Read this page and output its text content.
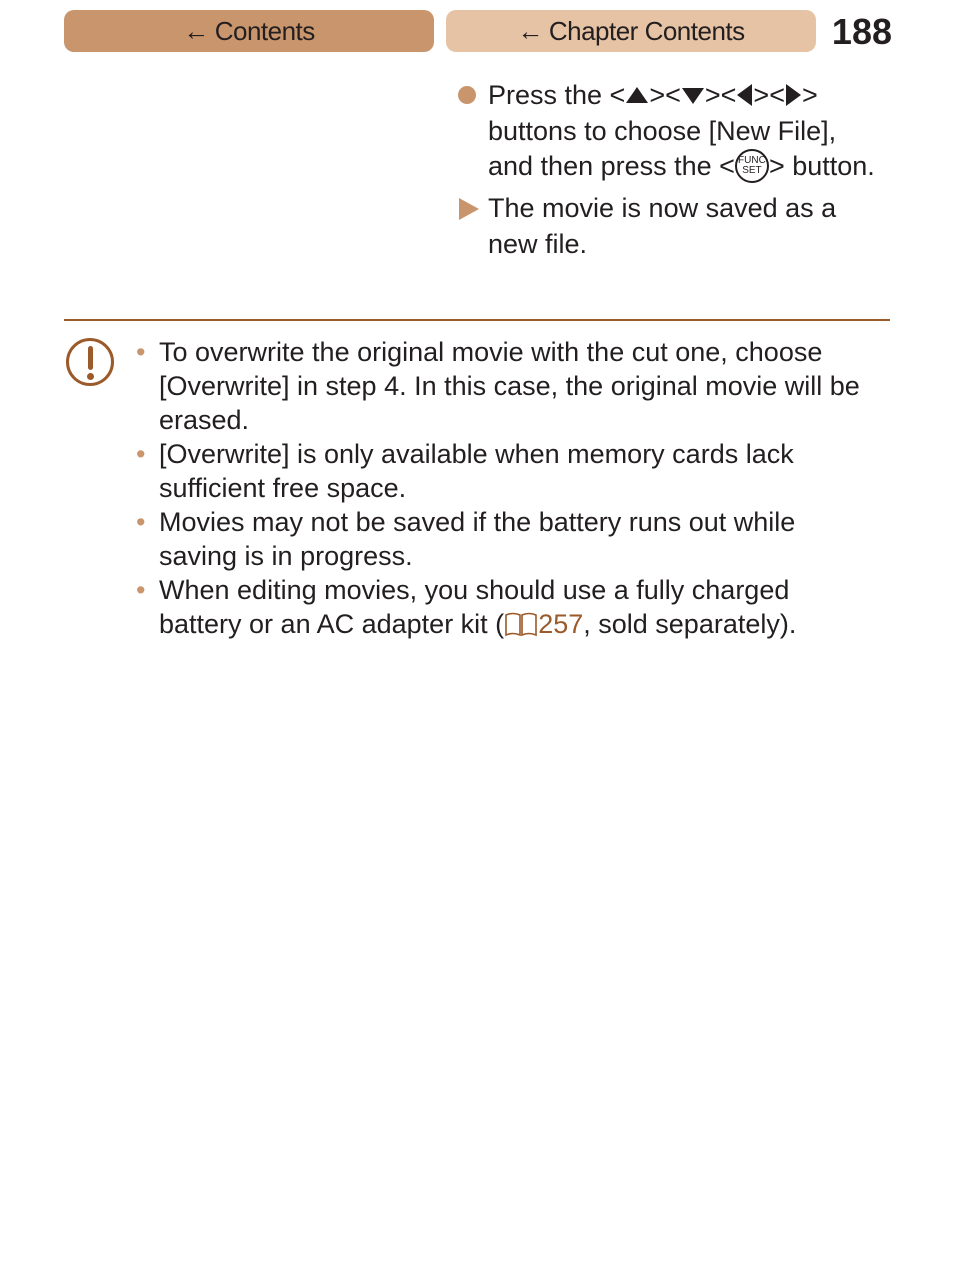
← Contents	← Chapter Contents 188
Press the < >< >< >< > buttons to choose [New File], and then press the < FUNC
SET > button.
The movie is now saved as a new file.
• To overwrite the original movie with the cut one, choose [Overwrite] in step 4. In this case, the original movie will be erased.
• [Overwrite] is only available when memory cards lack sufficient free space.
• Movies may not be saved if the battery runs out while saving is in progress.
• When editing movies, you should use a fully charged battery or an AC adapter kit ( 257, sold separately).
